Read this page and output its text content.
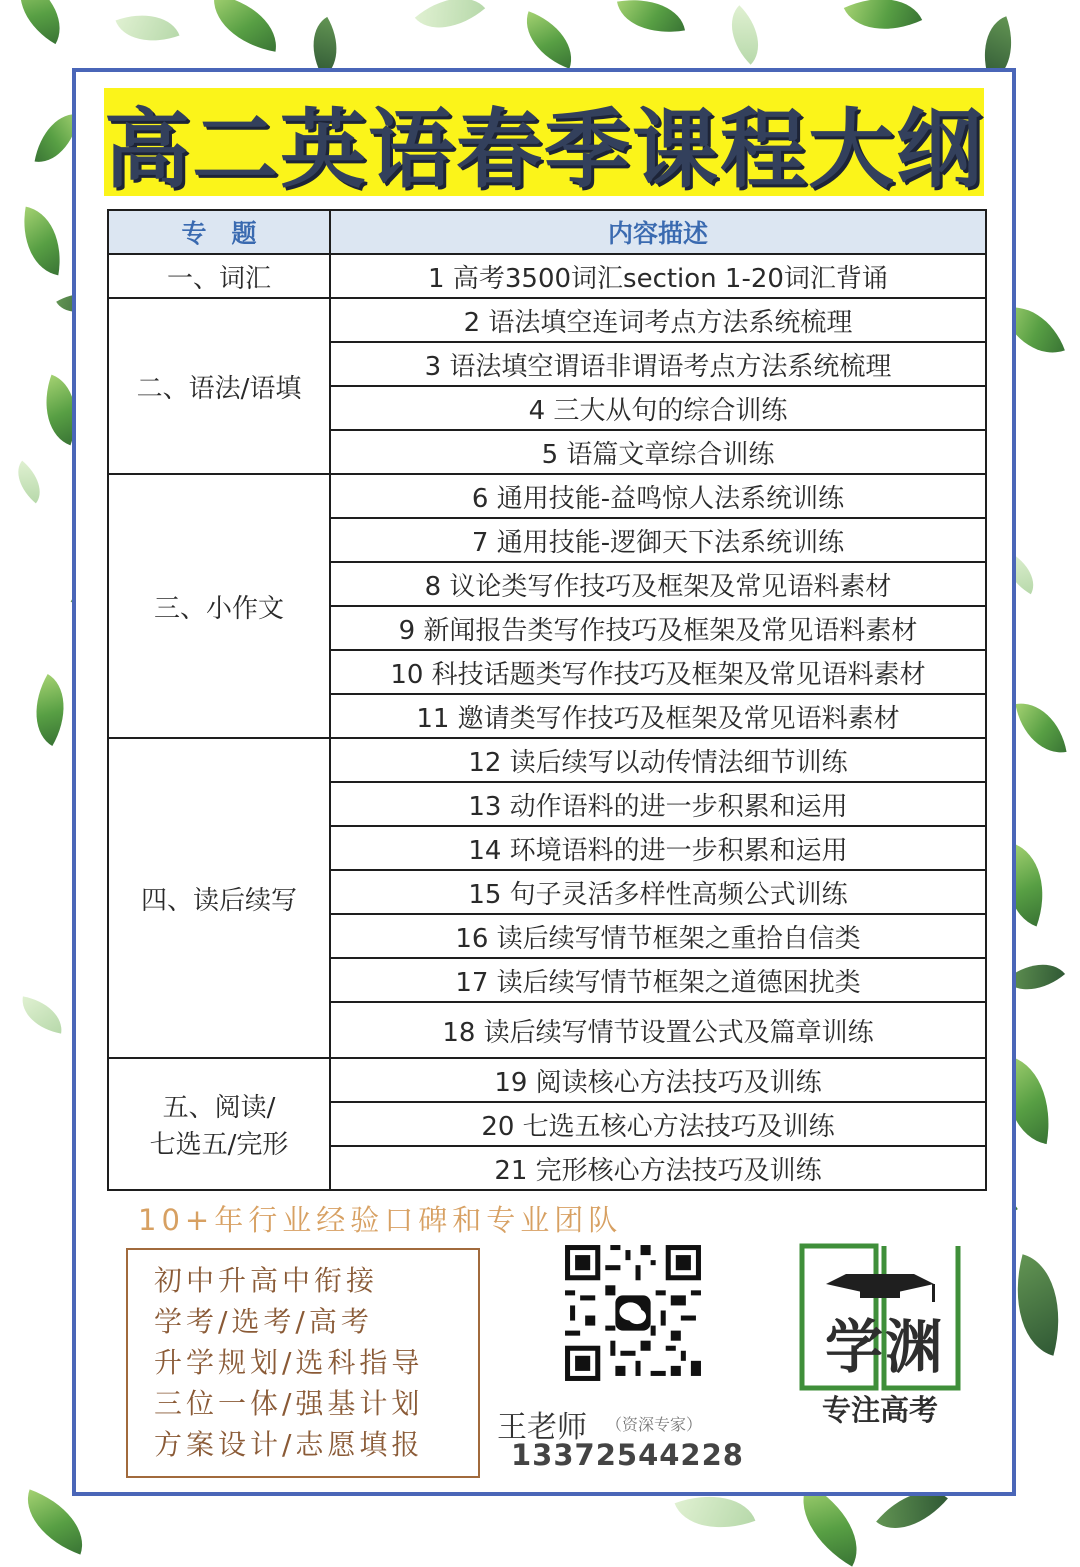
高二英语春季课程大纲
专　题	内容描述
一、词汇	1 高考3500词汇section 1-20词汇背诵
二、语法/语填	2 语法填空连词考点方法系统梳理
	3 语法填空谓语非谓语考点方法系统梳理
	4 三大从句的综合训练
	5 语篇文章综合训练
三、小作文	6 通用技能-益鸣惊人法系统训练
	7 通用技能-逻御天下法系统训练
	8 议论类写作技巧及框架及常见语料素材
	9 新闻报告类写作技巧及框架及常见语料素材
	10 科技话题类写作技巧及框架及常见语料素材
	11 邀请类写作技巧及框架及常见语料素材
四、读后续写	12 读后续写以动传情法细节训练
	13 动作语料的进一步积累和运用
	14 环境语料的进一步积累和运用
	15 句子灵活多样性高频公式训练
	16 读后续写情节框架之重拾自信类
	17 读后续写情节框架之道德困扰类
	18 读后续写情节设置公式及篇章训练

五、阅读/
七选五/完形	19 阅读核心方法技巧及训练
	20 七选五核心方法技巧及训练
	21 完形核心方法技巧及训练

10+年行业经验口碑和专业团队

初中升高中衔接
学考/选考/高考
升学规划/选科指导
三位一体/强基计划
方案设计/志愿填报	王老师 （资深专家）
13372544228
学渊
专注高考
